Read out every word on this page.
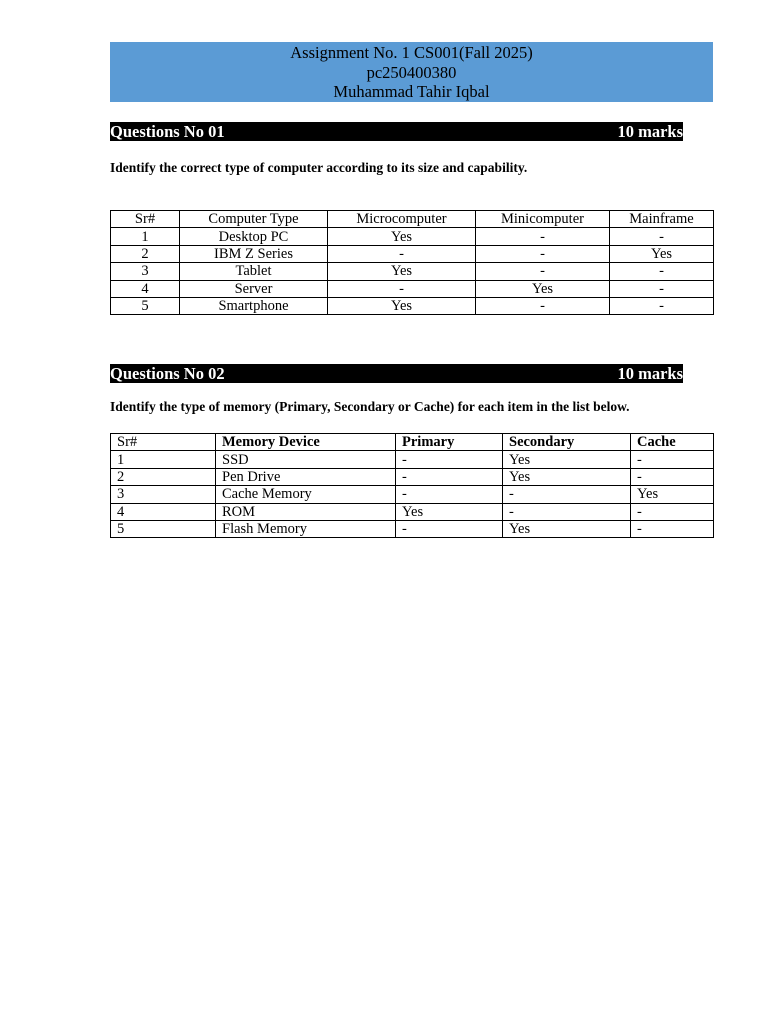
Assignment No. 1 CS001(Fall 2025)
pc250400380
Muhammad Tahir Iqbal
Questions No 01	10 marks
Identify the correct type of computer according to its size and capability.
Sr#	Computer Type	Microcomputer	Minicomputer	Mainframe
1	Desktop PC	Yes	-	-
2	IBM Z Series	-	-	Yes
3	Tablet	Yes	-	-
4	Server	-	Yes	-
5	Smartphone	Yes	-	-
Questions No 02	10 marks
Identify the type of memory (Primary, Secondary or Cache) for each item in the list below.
Sr#	Memory Device	Primary	Secondary	Cache
1	SSD	-	Yes	-
2	Pen Drive	-	Yes	-
3	Cache Memory	-	-	Yes
4	ROM	Yes	-	-
5	Flash Memory	-	Yes	-
